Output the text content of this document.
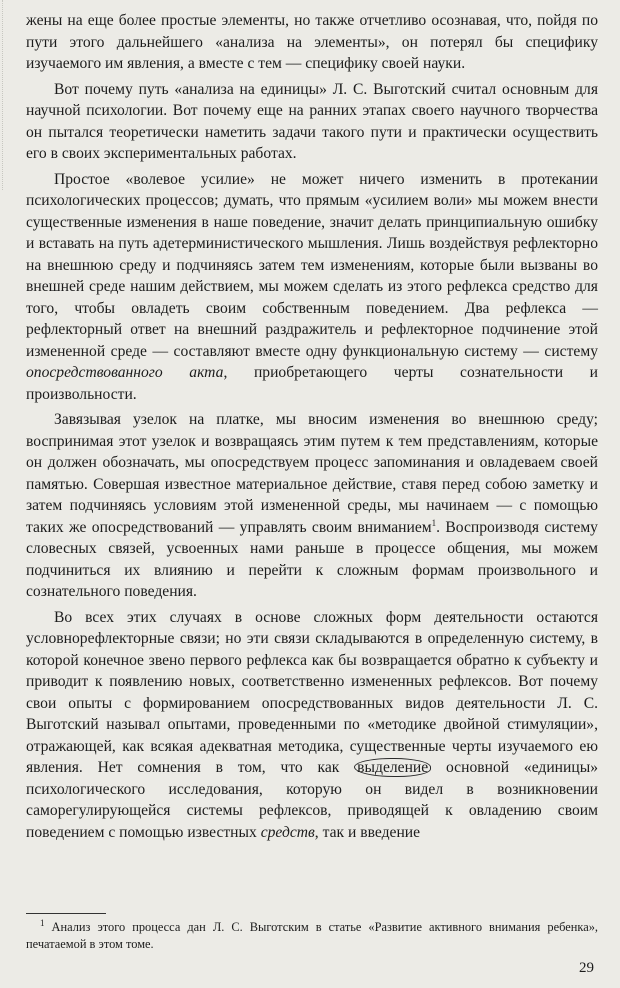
жены на еще более простые элементы, но также отчетливо осознавая, что, пойдя по пути этого дальнейшего «анализа на элементы», он потерял бы специфику изучаемого им явления, а вместе с тем — специфику своей науки.

Вот почему путь «анализа на единицы» Л. С. Выготский считал основным для научной психологии. Вот почему еще на ранних этапах своего научного творчества он пытался теоретически наметить задачи такого пути и практически осуществить его в своих экспериментальных работах.

Простое «волевое усилие» не может ничего изменить в протекании психологических процессов; думать, что прямым «усилием воли» мы можем внести существенные изменения в наше поведение, значит делать принципиальную ошибку и вставать на путь адетерминистического мышления. Лишь воздействуя рефлекторно на внешнюю среду и подчиняясь затем тем изменениям, которые были вызваны во внешней среде нашим действием, мы можем сделать из этого рефлекса средство для того, чтобы овладеть своим собственным поведением. Два рефлекса — рефлекторный ответ на внешний раздражитель и рефлекторное подчинение этой измененной среде — составляют вместе одну функциональную систему — систему опосредствованного акта, приобретающего черты сознательности и произвольности.

Завязывая узелок на платке, мы вносим изменения во внешнюю среду; воспринимая этот узелок и возвращаясь этим путем к тем представлениям, которые он должен обозначать, мы опосредствуем процесс запоминания и овладеваем своей памятью. Совершая известное материальное действие, ставя перед собою заметку и затем подчиняясь условиям этой измененной среды, мы начинаем — с помощью таких же опосредствований — управлять своим вниманием$^1$. Воспроизводя систему словесных связей, усвоенных нами раньше в процессе общения, мы можем подчиниться их влиянию и перейти к сложным формам произвольного и сознательного поведения.

Во всех этих случаях в основе сложных форм деятельности остаются условнорефлекторные связи; но эти связи складываются в определенную систему, в которой конечное звено первого рефлекса как бы возвращается обратно к субъекту и приводит к появлению новых, соответственно измененных рефлексов. Вот почему свои опыты с формированием опосредствованных видов деятельности Л. С. Выготский называл опытами, проведенными по «методике двойной стимуляции», отражающей, как всякая адекватная методика, существенные черты изучаемого ею явления. Нет сомнения в том, что как выделение основной «единицы» психологического исследования, которую он видел в возникновении саморегулирующейся системы рефлексов, приводящей к овладению своим поведением с помощью известных средств, так и введение

$^1$ Анализ этого процесса дан Л. С. Выготским в статье «Развитие активного внимания ребенка», печатаемой в этом томе.

29
